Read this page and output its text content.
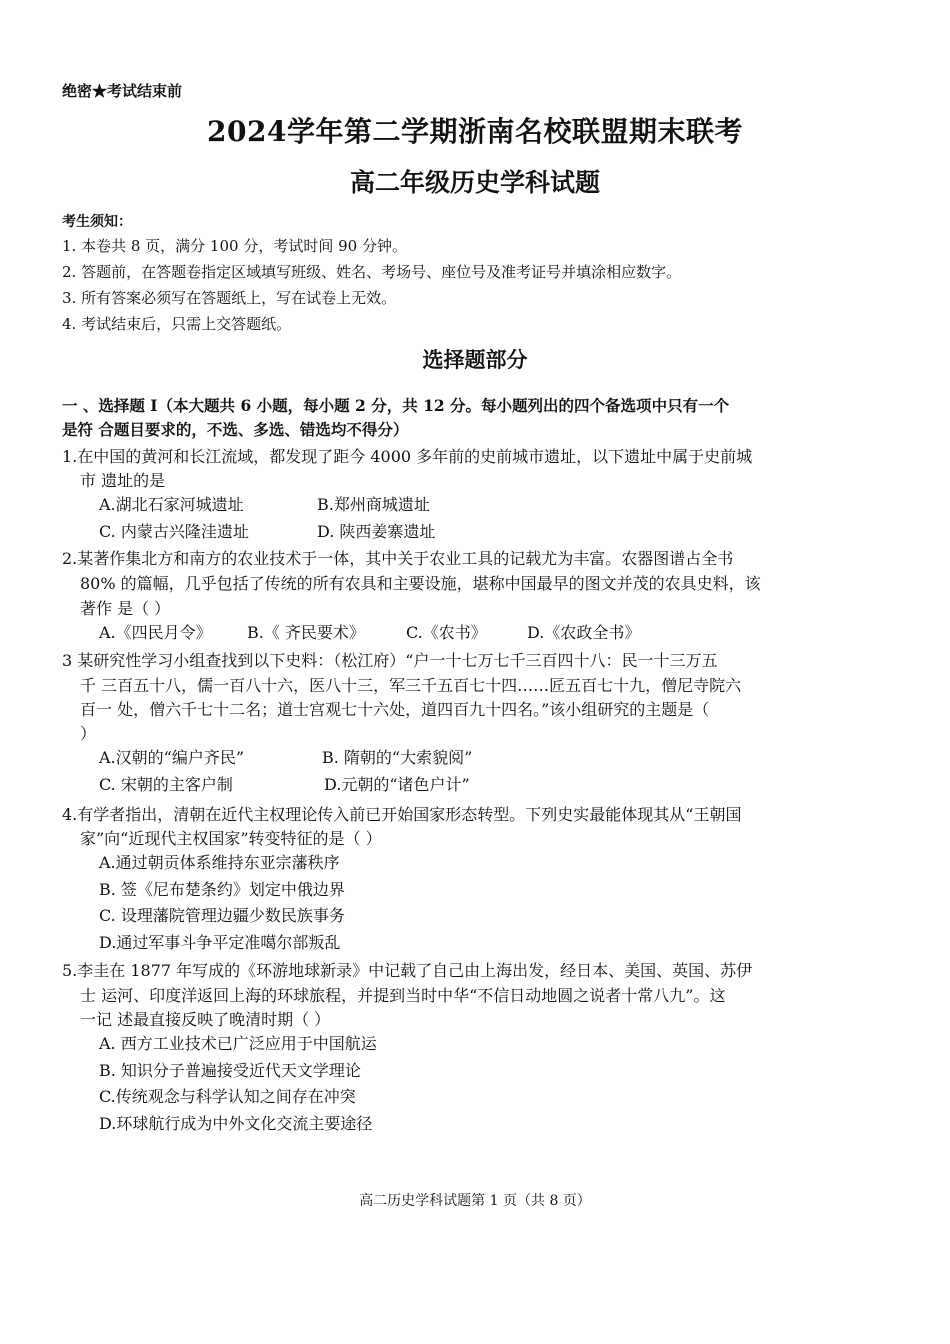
绝密★考试结束前
2024学年第二学期浙南名校联盟期末联考
高二年级历史学科试题
考生须知：
1. 本卷共 8 页，满分 100 分，考试时间 90 分钟。
2. 答题前，在答题卷指定区域填写班级、姓名、考场号、座位号及准考证号并填涂相应数字。
3. 所有答案必须写在答题纸上，写在试卷上无效。
4. 考试结束后，只需上交答题纸。
选择题部分
一 、选择题 I（本大题共 6 小题，每小题 2 分，共 12 分。每小题列出的四个备选项中只有一个
是符 合题目要求的，不选、多选、错选均不得分）
1.在中国的黄河和长江流域，都发现了距今 4000 多年前的史前城市遗址，以下遗址中属于史前城
市 遗址的是
A.湖北石家河城遗址	B.郑州商城遗址
C. 内蒙古兴隆洼遗址	D. 陕西姜寨遗址
2.某著作集北方和南方的农业技术于一体，其中关于农业工具的记载尤为丰富。农器图谱占全书
80% 的篇幅，几乎包括了传统的所有农具和主要设施，堪称中国最早的图文并茂的农具史料，该
著作 是（ ）
A.《四民月令》 B.《 齐民要术》	C.《农书》	D.《农政全书》
3 某研究性学习小组查找到以下史料：（松江府）“户一十七万七千三百四十八：民一十三万五
千 三百五十八，儒一百八十六，医八十三，军三千五百七十四……匠五百七十九，僧尼寺院六
百一 处，僧六千七十二名；道士宫观七十六处，道四百九十四名。”该小组研究的主题是（
）
A.汉朝的“编户齐民”	B. 隋朝的“大索貌阅”
C. 宋朝的主客户制	D.元朝的“诸色户计”
4.有学者指出，清朝在近代主权理论传入前已开始国家形态转型。下列史实最能体现其从“王朝国
家”向“近现代主权国家”转变特征的是（ ）
A.通过朝贡体系维持东亚宗藩秩序
B. 签《尼布楚条约》划定中俄边界
C. 设理藩院管理边疆少数民族事务
D.通过军事斗争平定准噶尔部叛乱
5.李圭在 1877 年写成的《环游地球新录》中记载了自己由上海出发，经日本、美国、英国、苏伊
士 运河、印度洋返回上海的环球旅程，并提到当时中华“不信日动地圆之说者十常八九”。这
一记 述最直接反映了晚清时期（ ）
A. 西方工业技术已广泛应用于中国航运
B. 知识分子普遍接受近代天文学理论
C.传统观念与科学认知之间存在冲突
D.环球航行成为中外文化交流主要途径
高二历史学科试题第 1 页（共 8 页）
